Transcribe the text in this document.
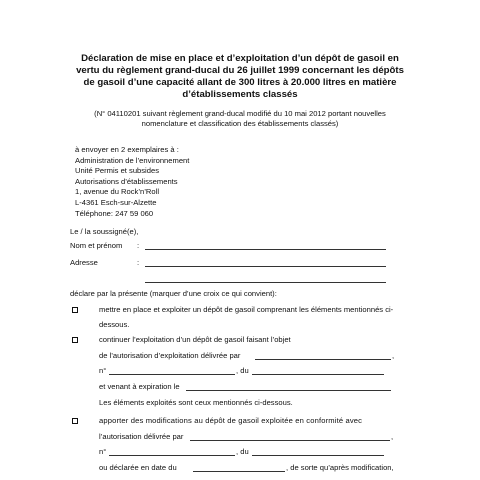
Déclaration de mise en place et d’exploitation d’un dépôt de gasoil en
vertu du règlement grand-ducal du 26 juillet 1999 concernant les dépôts
de gasoil d’une capacité allant de 300 litres à 20.000 litres en matière
d’établissements classés
(N° 04110201 suivant règlement grand-ducal modifié du 10 mai 2012 portant nouvelles
nomenclature et classification des établissements classés)
à envoyer en 2 exemplaires à :
Administration de l’environnement
Unité Permis et subsides
Autorisations d’établissements
1, avenue du Rock’n’Roll
L-4361 Esch-sur-Alzette
Téléphone: 247 59 060
Le / la soussigné(e),
Nom et prénom :
Adresse	:
déclare par la présente (marquer d’une croix ce qui convient):
mettre en place et exploiter un dépôt de gasoil comprenant les éléments mentionnés ci-
dessous.
continuer l’exploitation d’un dépôt de gasoil faisant l’objet
de l’autorisation d’exploitation délivrée par	,
n°	, du
et venant à expiration le
Les éléments exploités sont ceux mentionnés ci-dessous.
apporter des modifications au dépôt de gasoil exploitée en conformité avec
l’autorisation délivrée par	,
n°	, du
ou déclarée en date du	, de sorte qu’après modification,
